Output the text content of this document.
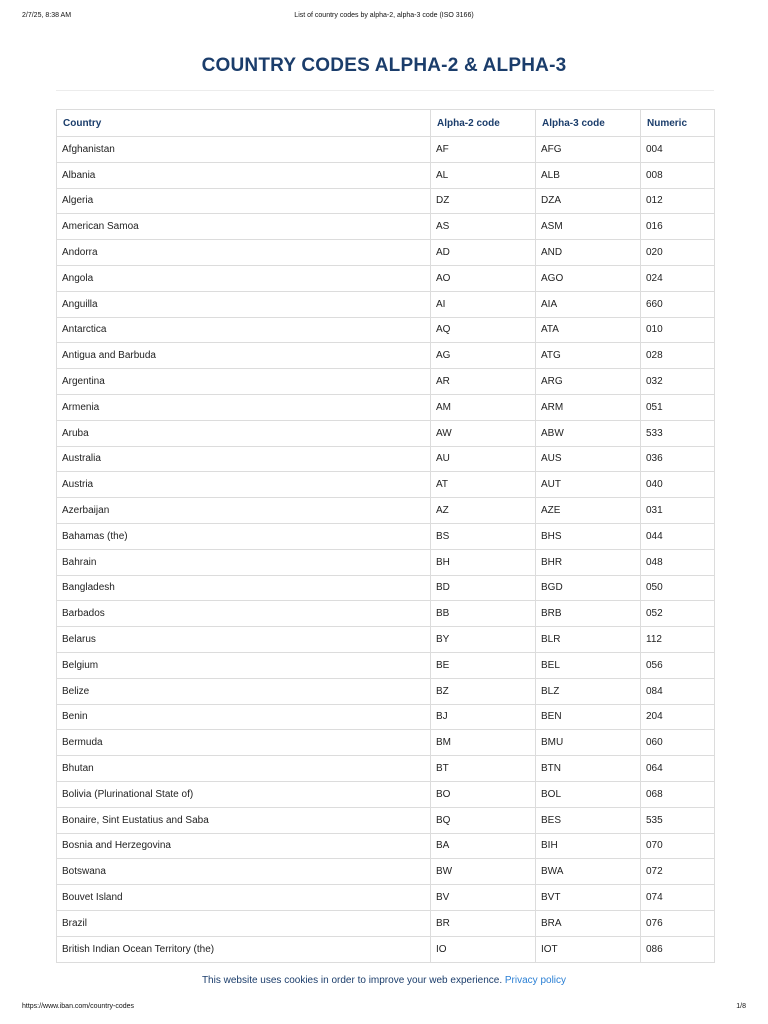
2/7/25, 8:38 AM	List of country codes by alpha-2, alpha-3 code (ISO 3166)
COUNTRY CODES ALPHA-2 & ALPHA-3
Country	Alpha-2 code	Alpha-3 code	Numeric
Afghanistan	AF	AFG	004
Albania	AL	ALB	008
Algeria	DZ	DZA	012
American Samoa	AS	ASM	016
Andorra	AD	AND	020
Angola	AO	AGO	024
Anguilla	AI	AIA	660
Antarctica	AQ	ATA	010
Antigua and Barbuda	AG	ATG	028
Argentina	AR	ARG	032
Armenia	AM	ARM	051
Aruba	AW	ABW	533
Australia	AU	AUS	036
Austria	AT	AUT	040
Azerbaijan	AZ	AZE	031
Bahamas (the)	BS	BHS	044
Bahrain	BH	BHR	048
Bangladesh	BD	BGD	050
Barbados	BB	BRB	052
Belarus	BY	BLR	112
Belgium	BE	BEL	056
Belize	BZ	BLZ	084
Benin	BJ	BEN	204
Bermuda	BM	BMU	060
Bhutan	BT	BTN	064
Bolivia (Plurinational State of)	BO	BOL	068
Bonaire, Sint Eustatius and Saba	BQ	BES	535
Bosnia and Herzegovina	BA	BIH	070
Botswana	BW	BWA	072
Bouvet Island	BV	BVT	074
Brazil	BR	BRA	076
British Indian Ocean Territory (the)	IO	IOT	086
This website uses cookies in order to improve your web experience. Privacy policy
https://www.iban.com/country-codes	1/8
